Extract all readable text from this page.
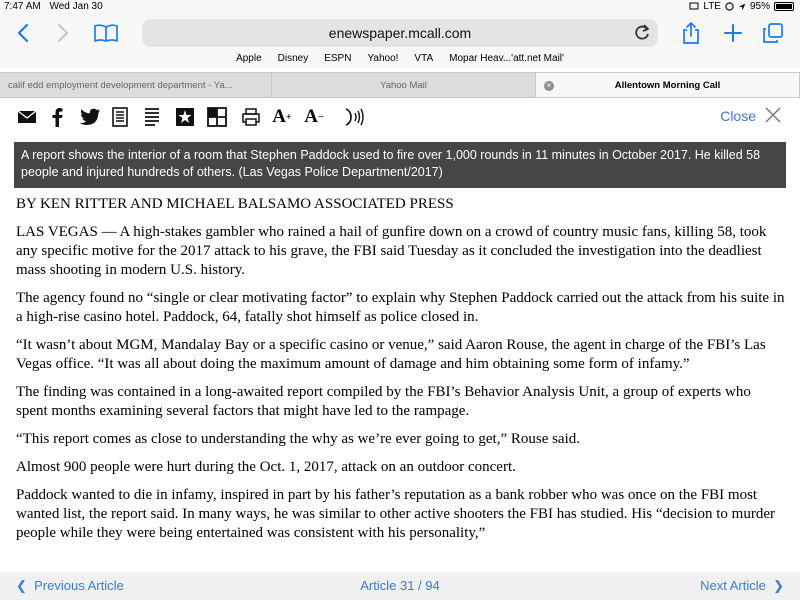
7:47 AM Wed Jan 30	LTE	95%
enewspaper.mcall.com
Apple	Disney	ESPN	Yahoo!	VTA	Mopar Heav...'att.net Mail'
calif edd employment development department - Ya...	Yahoo Mail	×	Allentown Morning Call
A + A −	Close
A report shows the interior of a room that Stephen Paddock used to fire over 1,000 rounds in 11 minutes in October 2017. He killed 58 people and injured hundreds of others. (Las Vegas Police Department/2017)

BY KEN RITTER AND MICHAEL BALSAMO ASSOCIATED PRESS

LAS VEGAS — A high-stakes gambler who rained a hail of gunfire down on a crowd of country music fans, killing 58, took any specific motive for the 2017 attack to his grave, the FBI said Tuesday as it concluded the investigation into the deadliest mass shooting in modern U.S. history.

The agency found no “single or clear motivating factor” to explain why Stephen Paddock carried out the attack from his suite in a high-rise casino hotel. Paddock, 64, fatally shot himself as police closed in.

“It wasn’t about MGM, Mandalay Bay or a specific casino or venue,” said Aaron Rouse, the agent in charge of the FBI’s Las Vegas office. “It was all about doing the maximum amount of damage and him obtaining some form of infamy.”

The finding was contained in a long-awaited report compiled by the FBI’s Behavior Analysis Unit, a group of experts who spent months examining several factors that might have led to the rampage.

“This report comes as close to understanding the why as we’re ever going to get,” Rouse said.

Almost 900 people were hurt during the Oct. 1, 2017, attack on an outdoor concert.

Paddock wanted to die in infamy, inspired in part by his father’s reputation as a bank robber who was once on the FBI most wanted list, the report said. In many ways, he was similar to other active shooters the FBI has studied. His “decision to murder people while they were being entertained was consistent with his personality,”

❮  Previous Article	Article 31 / 94	Next Article  ❯
